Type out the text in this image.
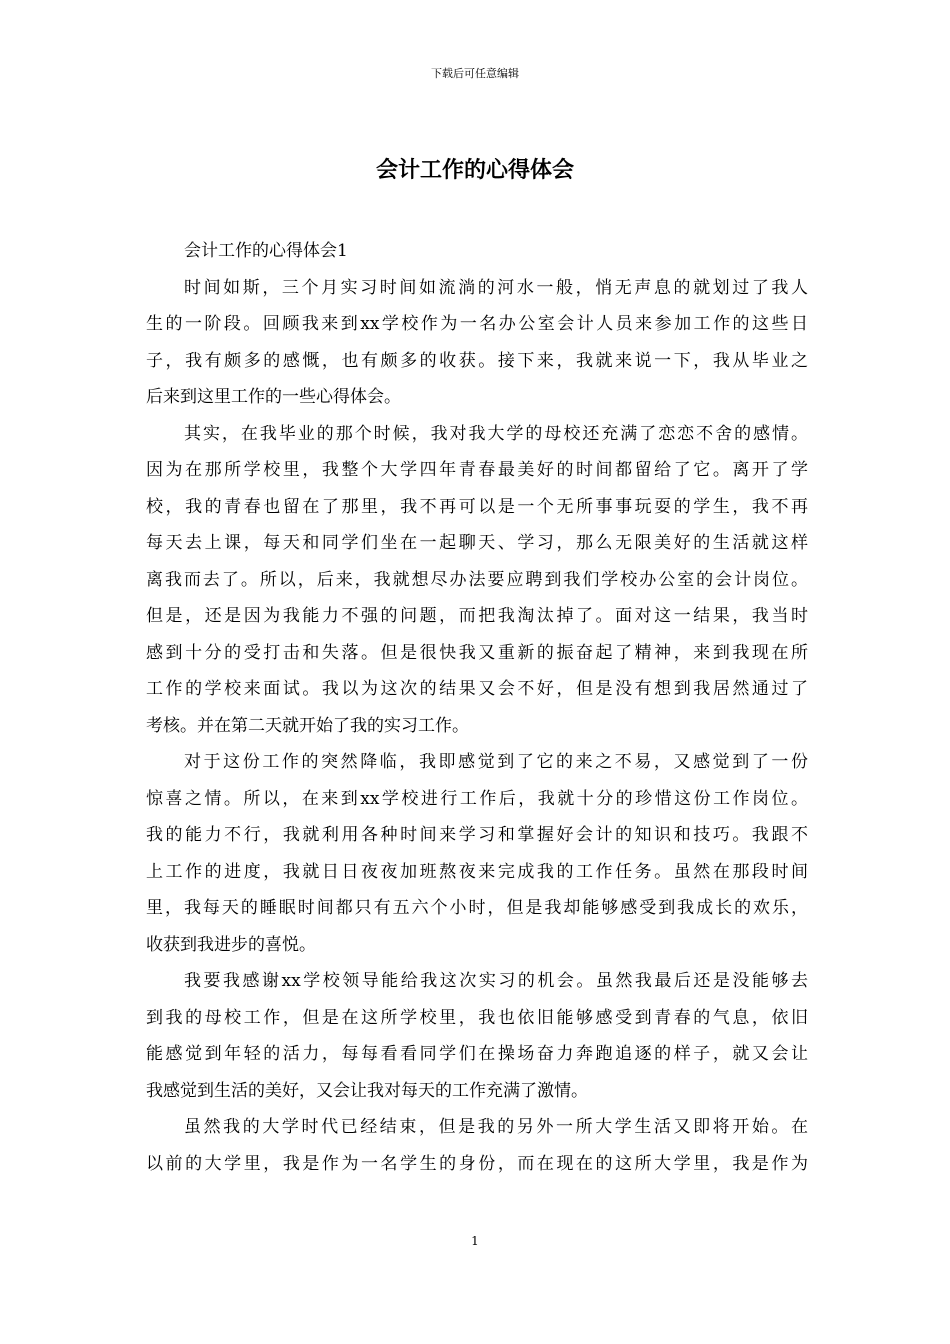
下载后可任意编辑
会计工作的心得体会

会计工作的心得体会1

时间如斯，三个月实习时间如流淌的河水一般，悄无声息的就划过了我人
生的一阶段。回顾我来到xx学校作为一名办公室会计人员来参加工作的这些日
子，我有颇多的感慨，也有颇多的收获。接下来，我就来说一下，我从毕业之
后来到这里工作的一些心得体会。

其实，在我毕业的那个时候，我对我大学的母校还充满了恋恋不舍的感情。
因为在那所学校里，我整个大学四年青春最美好的时间都留给了它。离开了学
校，我的青春也留在了那里，我不再可以是一个无所事事玩耍的学生，我不再
每天去上课，每天和同学们坐在一起聊天、学习，那么无限美好的生活就这样
离我而去了。所以，后来，我就想尽办法要应聘到我们学校办公室的会计岗位。
但是，还是因为我能力不强的问题，而把我淘汰掉了。面对这一结果，我当时
感到十分的受打击和失落。但是很快我又重新的振奋起了精神，来到我现在所
工作的学校来面试。我以为这次的结果又会不好，但是没有想到我居然通过了
考核。并在第二天就开始了我的实习工作。

对于这份工作的突然降临，我即感觉到了它的来之不易，又感觉到了一份
惊喜之情。所以，在来到xx学校进行工作后，我就十分的珍惜这份工作岗位。
我的能力不行，我就利用各种时间来学习和掌握好会计的知识和技巧。我跟不
上工作的进度，我就日日夜夜加班熬夜来完成我的工作任务。虽然在那段时间
里，我每天的睡眠时间都只有五六个小时，但是我却能够感受到我成长的欢乐，
收获到我进步的喜悦。

我要我感谢xx学校领导能给我这次实习的机会。虽然我最后还是没能够去
到我的母校工作，但是在这所学校里，我也依旧能够感受到青春的气息，依旧
能感觉到年轻的活力，每每看看同学们在操场奋力奔跑追逐的样子，就又会让
我感觉到生活的美好，又会让我对每天的工作充满了激情。

虽然我的大学时代已经结束，但是我的另外一所大学生活又即将开始。在
以前的大学里，我是作为一名学生的身份，而在现在的这所大学里，我是作为

1
